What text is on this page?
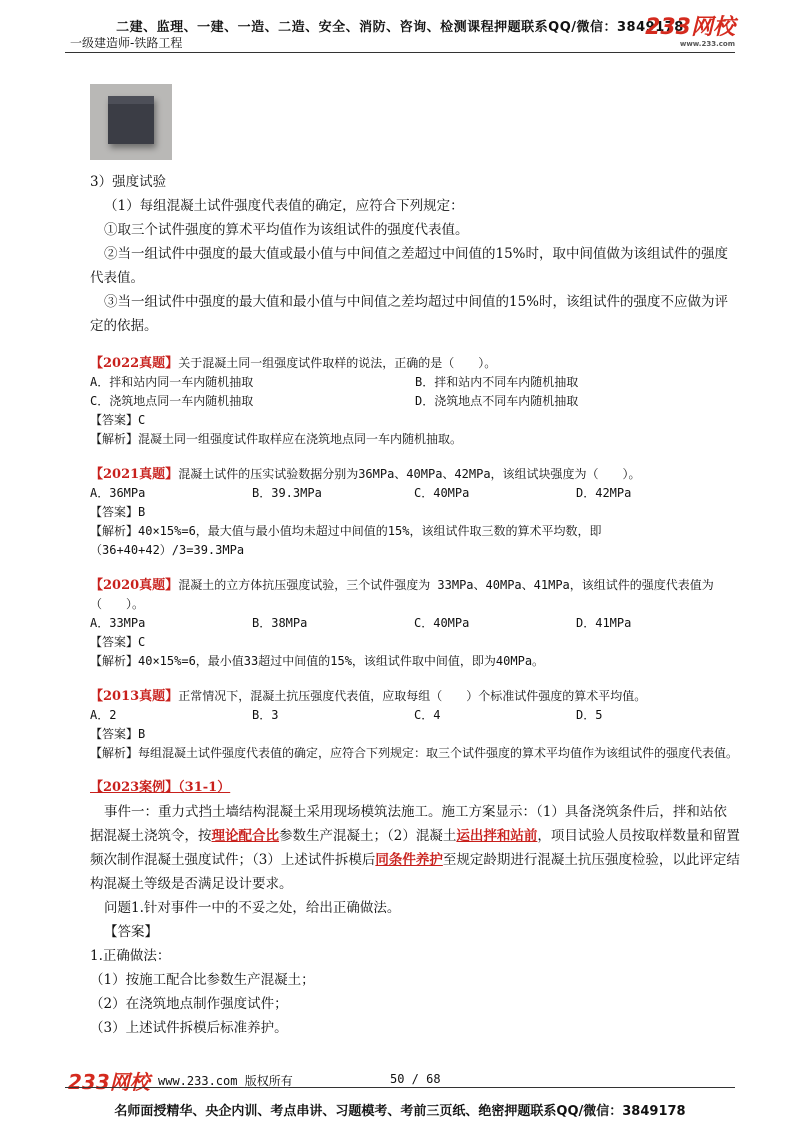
二建、监理、一建、一造、二造、安全、消防、咨询、检测课程押题联系QQ/微信：3849178
一级建造师-铁路工程
233网校
www.233.com

3）强度试验

（1）每组混凝土试件强度代表值的确定，应符合下列规定：

①取三个试件强度的算术平均值作为该组试件的强度代表值。

②当一组试件中强度的最大值或最小值与中间值之差超过中间值的15%时，取中间值做为该组试件的强度代表值。

③当一组试件中强度的最大值和最小值与中间值之差均超过中间值的15%时，该组试件的强度不应做为评定的依据。

【2022真题】关于混凝土同一组强度试件取样的说法，正确的是（　　）。

A．拌和站内同一车内随机抽取	B．拌和站内不同车内随机抽取
C．浇筑地点同一车内随机抽取	D．浇筑地点不同车内随机抽取

【答案】C

【解析】混凝土同一组强度试件取样应在浇筑地点同一车内随机抽取。

【2021真题】混凝土试件的压实试验数据分别为36MPa、40MPa、42MPa，该组试块强度为（　　）。

A．36MPa	B．39.3MPa	C．40MPa	D．42MPa

【答案】B

【解析】40×15%=6，最大值与最小值均未超过中间值的15%，该组试件取三数的算术平均数，即（36+40+42）/3=39.3MPa

【2020真题】混凝土的立方体抗压强度试验，三个试件强度为 33MPa、40MPa、41MPa，该组试件的强度代表值为（　　）。

A．33MPa	B．38MPa	C．40MPa	D．41MPa

【答案】C

【解析】40×15%=6，最小值33超过中间值的15%，该组试件取中间值，即为40MPa。

【2013真题】正常情况下，混凝土抗压强度代表值，应取每组（　　）个标准试件强度的算术平均值。

A．2	B．3	C．4	D．5

【答案】B

【解析】每组混凝土试件强度代表值的确定，应符合下列规定：取三个试件强度的算术平均值作为该组试件的强度代表值。

【2023案例】（31-1）

事件一：重力式挡土墙结构混凝土采用现场模筑法施工。施工方案显示：（1）具备浇筑条件后，拌和站依据混凝土浇筑令，按理论配合比参数生产混凝土；（2）混凝土运出拌和站前，项目试验人员按取样数量和留置频次制作混凝土强度试件；（3）上述试件拆模后同条件养护至规定龄期进行混凝土抗压强度检验，以此评定结构混凝土等级是否满足设计要求。

问题1.针对事件一中的不妥之处，给出正确做法。

【答案】

1.正确做法：

（1）按施工配合比参数生产混凝土；

（2）在浇筑地点制作强度试件；

（3）上述试件拆模后标准养护。

233网校 www.233.com 版权所有	50 / 68
名师面授精华、央企内训、考点串讲、习题模考、考前三页纸、绝密押题联系QQ/微信：3849178
